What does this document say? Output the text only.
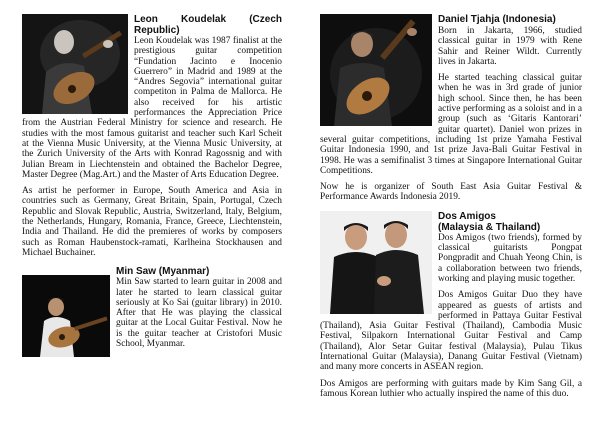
Leon Koudelak (Czech Republic)

Leon Koudelak was 1987 finalist at the prestigious guitar competition “Fundation Jacinto e Inocenio Guerrero” in Madrid and 1989 at the “Andres Segovia” international guitar competiton in Palma de Mallorca. He also received for his artistic performances the Appreciation Price from the Austrian Federal Ministry for science and research. He studies with the most famous guitarist and teacher such Karl Scheit at the Vienna Music University, at the Vienna Music University, at the Zurich University of the Arts with Konrad Ragossnig and with Julian Bream in Liechtenstein and obtained the Bachelor Degree, Master Degree (Mag.Art.) and the Master of Arts Education Degree.

As artist he performer in Europe, South America and Asia in countries such as Germany, Great Britain, Spain, Portugal, Czech Republic and Slovak Republic, Austria, Switzerland, Italy, Belgium, the Netherlands, Hungary, Romania, France, Greece, Liechtenstein, India and Thailand. He did the premieres of works by composers such as Roman Haubenstock-ramati, Karlheina Stockhausen and Michael Buchainer.

Min Saw (Myanmar)

Min Saw started to learn guitar in 2008 and later he started to learn classical guitar seriously at Ko Sai (guitar library) in 2010. After that He was playing the classical guitar at the Local Guitar Festival. Now he is the guitar teacher at Cristofori Music School, Myanmar.

Daniel Tjahja (Indonesia)

Born in Jakarta, 1966, studied classical guitar in 1979 with Rene Sahir and Reiner Wildt. Currently lives in Jakarta.

He started teaching classical guitar when he was in 3rd grade of junior high school. Since then, he has been active performing as a soloist and in a group (such as ‘Gitaris Kantorari’ guitar quartet). Daniel won prizes in several guitar competitions, including 1st prize Yamaha Festival Guitar Indonesia 1990, and 1st prize Java-Bali Guitar Festival in 1998. He was a semifinalist 3 times at Singapore International Guitar Competitions.

Now he is organizer of South East Asia Guitar Festival & Performance Awards Indonesia 2019.

Dos Amigos
(Malaysia & Thailand)

Dos Amigos (two friends), formed by classical guitarists Pongpat Pongpradit and Chuah Yeong Chin, is a collaboration between two friends, working and playing music together.

Dos Amigos Guitar Duo they have appeared as guests of artists and performed in Pattaya Guitar Festival (Thailand), Asia Guitar Festival (Thailand), Cambodia Music Festival, Silpakorn International Guitar Festival and Camp (Thailand), Alor Setar Guitar festival (Malaysia), Pulau Tikus International Guitar (Malaysia), Danang Guitar Festival (Vietnam) and many more concerts in ASEAN region.

Dos Amigos are performing with guitars made by Kim Sang Gil, a famous Korean luthier who actually inspired the name of this duo.
